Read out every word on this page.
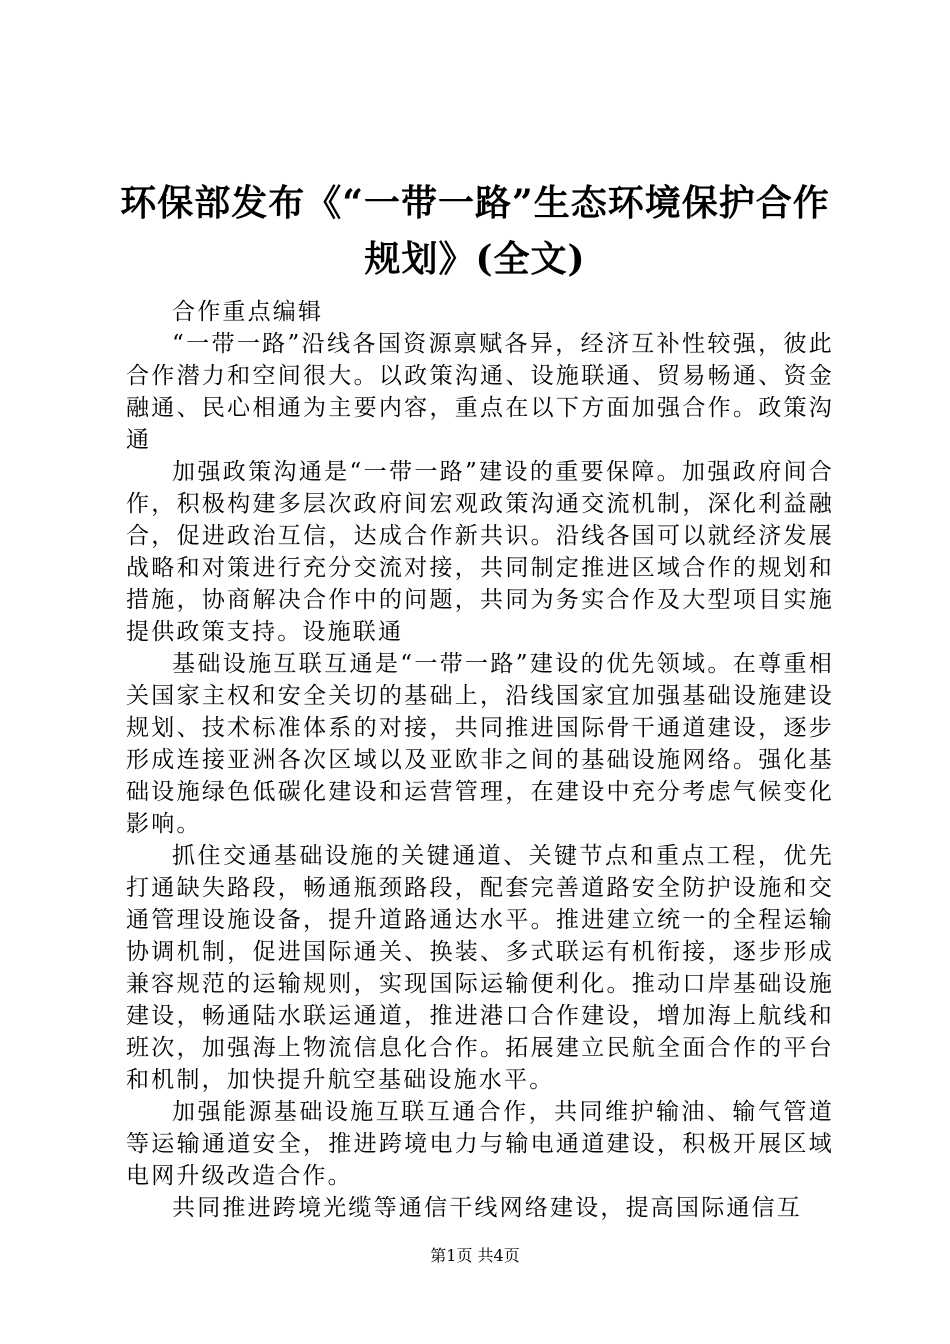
环保部发布《“一带一路”生态环境保护合作
规划》(全文)

合作重点编辑

“一带一路”沿线各国资源禀赋各异，经济互补性较强，彼此合作潜力和空间很大。以政策沟通、设施联通、贸易畅通、资金融通、民心相通为主要内容，重点在以下方面加强合作。政策沟通

加强政策沟通是“一带一路”建设的重要保障。加强政府间合作，积极构建多层次政府间宏观政策沟通交流机制，深化利益融合，促进政治互信，达成合作新共识。沿线各国可以就经济发展战略和对策进行充分交流对接，共同制定推进区域合作的规划和措施，协商解决合作中的问题，共同为务实合作及大型项目实施提供政策支持。设施联通

基础设施互联互通是“一带一路”建设的优先领域。在尊重相关国家主权和安全关切的基础上，沿线国家宜加强基础设施建设规划、技术标准体系的对接，共同推进国际骨干通道建设，逐步形成连接亚洲各次区域以及亚欧非之间的基础设施网络。强化基础设施绿色低碳化建设和运营管理，在建设中充分考虑气候变化影响。

抓住交通基础设施的关键通道、关键节点和重点工程，优先打通缺失路段，畅通瓶颈路段，配套完善道路安全防护设施和交通管理设施设备，提升道路通达水平。推进建立统一的全程运输协调机制，促进国际通关、换装、多式联运有机衔接，逐步形成兼容规范的运输规则，实现国际运输便利化。推动口岸基础设施建设，畅通陆水联运通道，推进港口合作建设，增加海上航线和班次，加强海上物流信息化合作。拓展建立民航全面合作的平台和机制，加快提升航空基础设施水平。

加强能源基础设施互联互通合作，共同维护输油、输气管道等运输通道安全，推进跨境电力与输电通道建设，积极开展区域电网升级改造合作。

共同推进跨境光缆等通信干线网络建设，提高国际通信互

第1页 共4页
